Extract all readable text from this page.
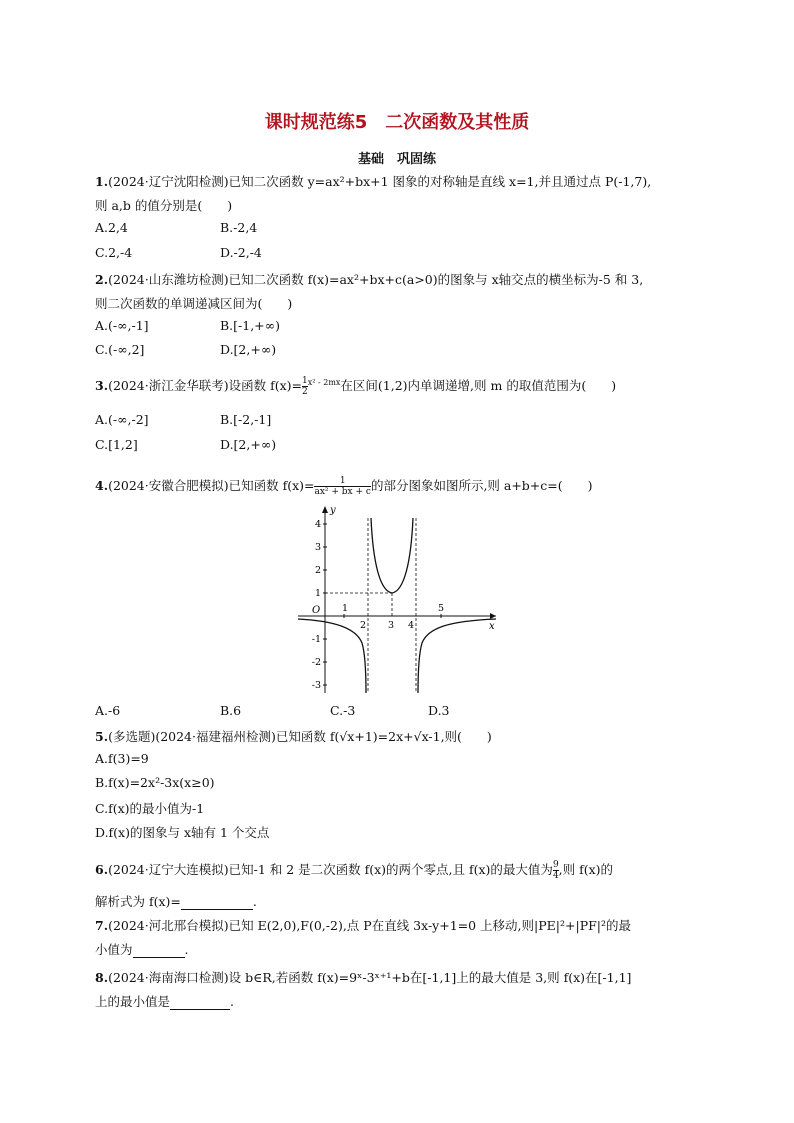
课时规范练5　二次函数及其性质
基础　巩固练
1.(2024·辽宁沈阳检测)已知二次函数 y=ax²+bx+1 图象的对称轴是直线 x=1,并且通过点 P(-1,7),
则 a,b 的值分别是(　　)
A.2,4	B.-2,4
C.2,-4	D.-2,-4
2.(2024·山东潍坊检测)已知二次函数 f(x)=ax²+bx+c(a>0)的图象与 x轴交点的横坐标为-5 和 3,
则二次函数的单调递减区间为(　　)
A.(-∞,-1]	B.[-1,+∞)
C.(-∞,2]	D.[2,+∞)
3.(2024·浙江金华联考)设函数 $f(x)= \frac{1}{2} ^{x^2 - 2mx}$在区间(1,2)内单调递增,则 m 的取值范围为(　　)
A.(-∞,-2]	B.[-2,-1]
C.[1,2]	D.[2,+∞)
4.(2024·安徽合肥模拟)已知函数 $f(x)= \frac{1}{\text{ax² + bx + c}}$ 的部分图象如图所示,则 a+b+c=(　　)
y
x
O
4
3
2
1
-1
-2
-3
1
2 3 4
5
A.-6	B.6	C.-3	D.3
5.(多选题)(2024·福建福州检测)已知函数 f(√x+1)=2x+√x-1,则(　　)
A.f(3)=9
B.f(x)=2x²-3x(x≥0)
C.f(x)的最小值为-1
D.f(x)的图象与 x轴有 1 个交点
6.(2024·辽宁大连模拟)已知-1 和 2 是二次函数 f(x)的两个零点,且 f(x)的最大值为 $\frac{9}{4}$ ,则 f(x)的
解析式为 f(x)=	.
7.(2024·河北邢台模拟)已知 E(2,0),F(0,-2),点 P在直线 3x-y+1=0 上移动,则|PE|²+|PF|²的最
小值为	.
8.(2024·海南海口检测)设 b∈R,若函数 f(x)=9ˣ-3ˣ⁺¹+b在[-1,1]上的最大值是 3,则 f(x)在[-1,1]
上的最小值是	.
